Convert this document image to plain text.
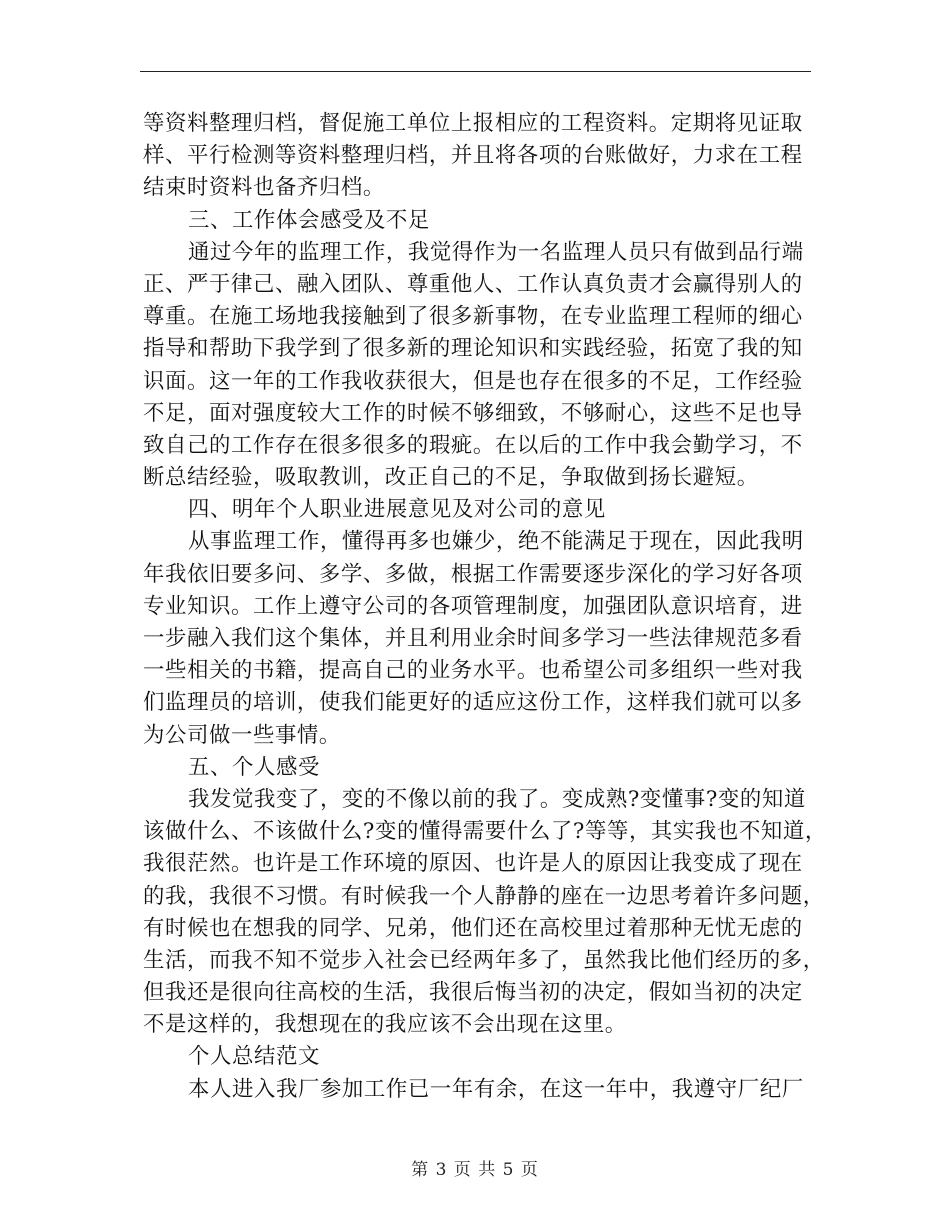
等资料整理归档，督促施工单位上报相应的工程资料。定期将见证取
样、平行检测等资料整理归档，并且将各项的台账做好，力求在工程
结束时资料也备齐归档。
三、工作体会感受及不足
通过今年的监理工作，我觉得作为一名监理人员只有做到品行端
正、严于律己、融入团队、尊重他人、工作认真负责才会赢得别人的
尊重。在施工场地我接触到了很多新事物，在专业监理工程师的细心
指导和帮助下我学到了很多新的理论知识和实践经验，拓宽了我的知
识面。这一年的工作我收获很大，但是也存在很多的不足，工作经验
不足，面对强度较大工作的时候不够细致，不够耐心，这些不足也导
致自己的工作存在很多很多的瑕疵。在以后的工作中我会勤学习，不
断总结经验，吸取教训，改正自己的不足，争取做到扬长避短。
四、明年个人职业进展意见及对公司的意见
从事监理工作，懂得再多也嫌少，绝不能满足于现在，因此我明
年我依旧要多问、多学、多做，根据工作需要逐步深化的学习好各项
专业知识。工作上遵守公司的各项管理制度，加强团队意识培育，进
一步融入我们这个集体，并且利用业余时间多学习一些法律规范多看
一些相关的书籍，提高自己的业务水平。也希望公司多组织一些对我
们监理员的培训，使我们能更好的适应这份工作，这样我们就可以多
为公司做一些事情。
五、个人感受
我发觉我变了，变的不像以前的我了。变成熟?变懂事?变的知道
该做什么、不该做什么?变的懂得需要什么了?等等，其实我也不知道，
我很茫然。也许是工作环境的原因、也许是人的原因让我变成了现在
的我，我很不习惯。有时候我一个人静静的座在一边思考着许多问题，
有时候也在想我的同学、兄弟，他们还在高校里过着那种无忧无虑的
生活，而我不知不觉步入社会已经两年多了，虽然我比他们经历的多，
但我还是很向往高校的生活，我很后悔当初的决定，假如当初的决定
不是这样的，我想现在的我应该不会出现在这里。
个人总结范文
本人进入我厂参加工作已一年有余，在这一年中，我遵守厂纪厂
第 3 页 共 5 页
